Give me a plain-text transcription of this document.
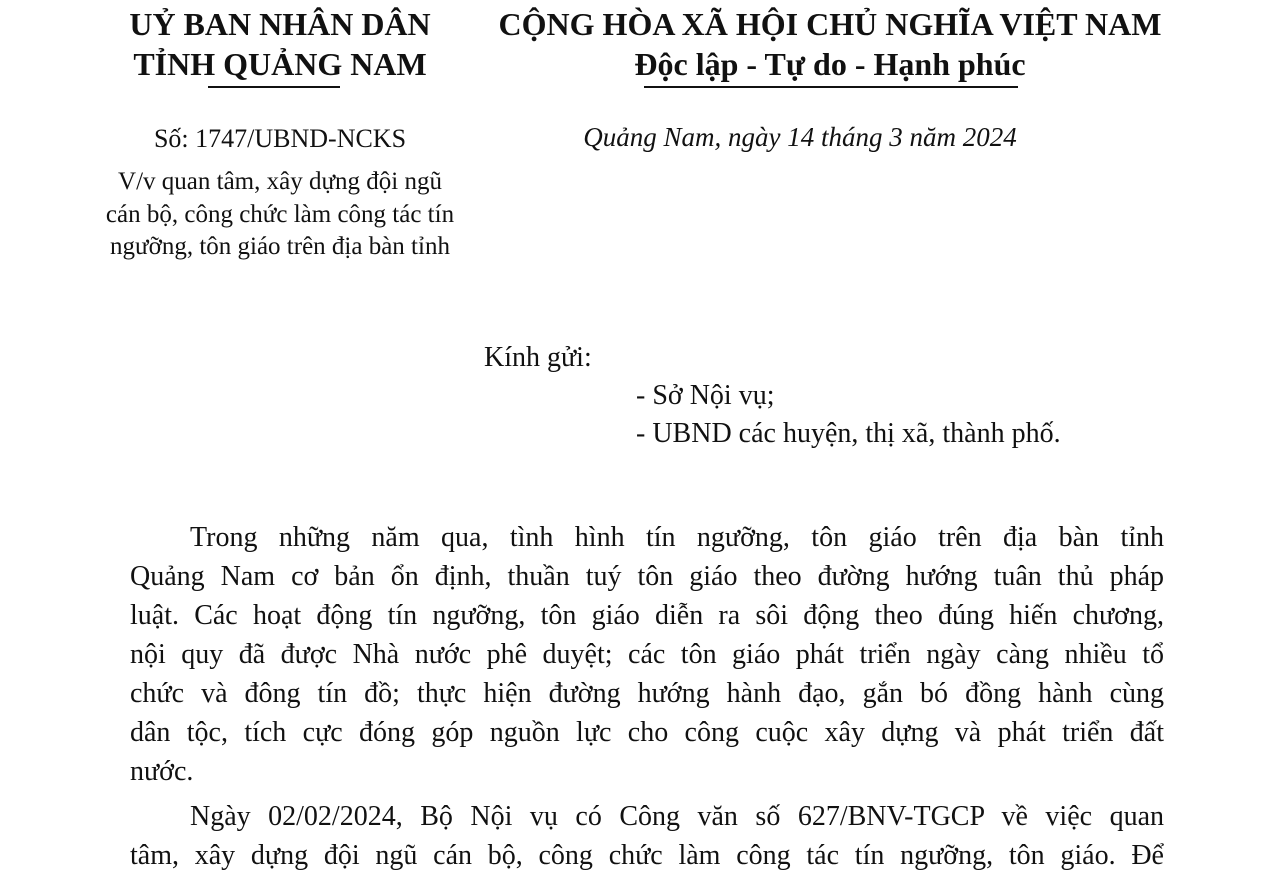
UỶ BAN NHÂN DÂN
TỈNH QUẢNG NAM
CỘNG HÒA XÃ HỘI CHỦ NGHĨA VIỆT NAM
Độc lập - Tự do - Hạnh phúc
Số: 1747/UBND-NCKS	Quảng Nam, ngày 14 tháng 3 năm 2024
V/v quan tâm, xây dựng đội ngũ
cán bộ, công chức làm công tác tín
ngưỡng, tôn giáo trên địa bàn tỉnh
Kính gửi:
- Sở Nội vụ;
- UBND các huyện, thị xã, thành phố.
Trong những năm qua, tình hình tín ngưỡng, tôn giáo trên địa bàn tỉnh
Quảng Nam cơ bản ổn định, thuần tuý tôn giáo theo đường hướng tuân thủ pháp
luật. Các hoạt động tín ngưỡng, tôn giáo diễn ra sôi động theo đúng hiến chương,
nội quy đã được Nhà nước phê duyệt; các tôn giáo phát triển ngày càng nhiều tổ
chức và đông tín đồ; thực hiện đường hướng hành đạo, gắn bó đồng hành cùng
dân tộc, tích cực đóng góp nguồn lực cho công cuộc xây dựng và phát triển đất
nước.
Ngày 02/02/2024, Bộ Nội vụ có Công văn số 627/BNV-TGCP về việc quan
tâm, xây dựng đội ngũ cán bộ, công chức làm công tác tín ngưỡng, tôn giáo. Để
